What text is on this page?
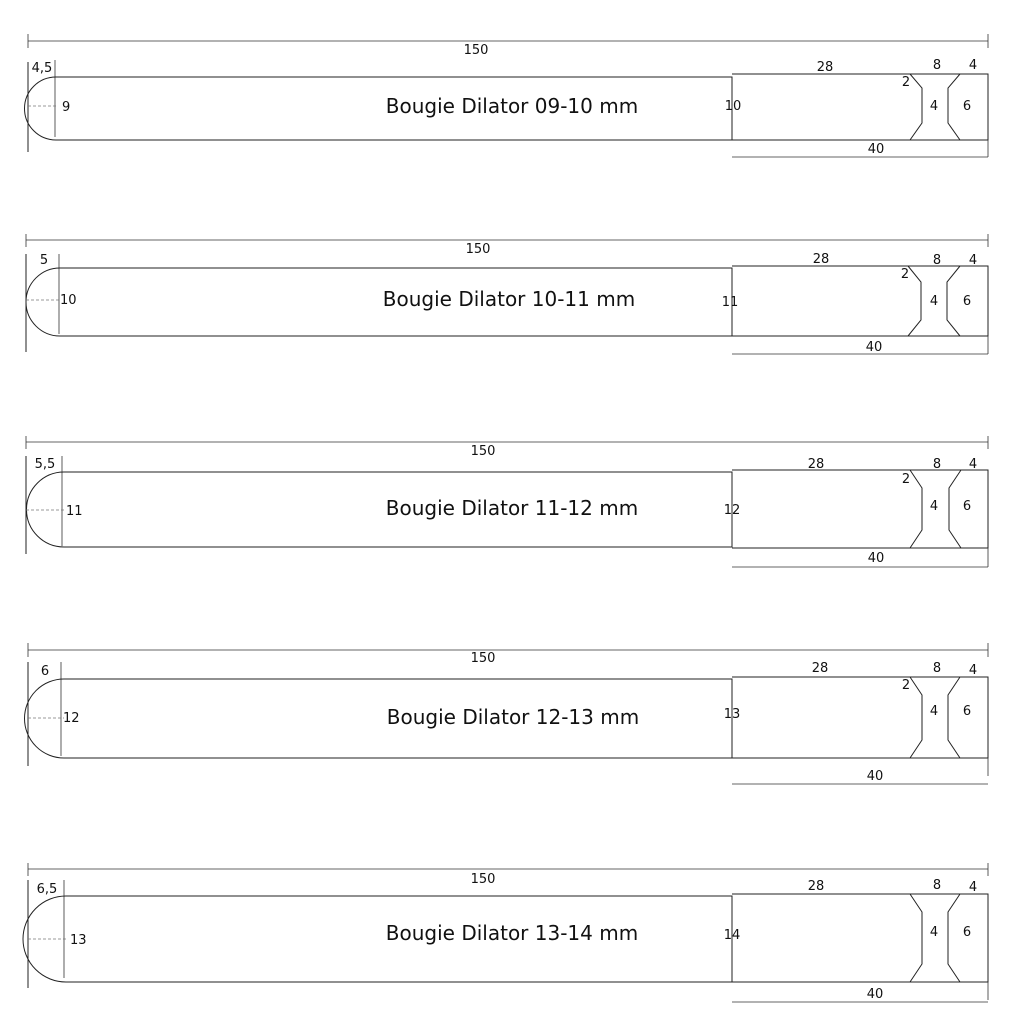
150
4,5
9	Bougie Dilator 09-10 mm	10
28	8 4
2
4 6
40
150
5
10	Bougie Dilator 10-11 mm	11
28	8 4
2
4 6
40
150
5,5
11	Bougie Dilator 11-12 mm	12
28	8 4
2
4 6
40
150
6
12	Bougie Dilator 12-13 mm	13
28	8 4
2
4 6
40
150
6,5
13	Bougie Dilator 13-14 mm	14
28	8 4
4 6
40
